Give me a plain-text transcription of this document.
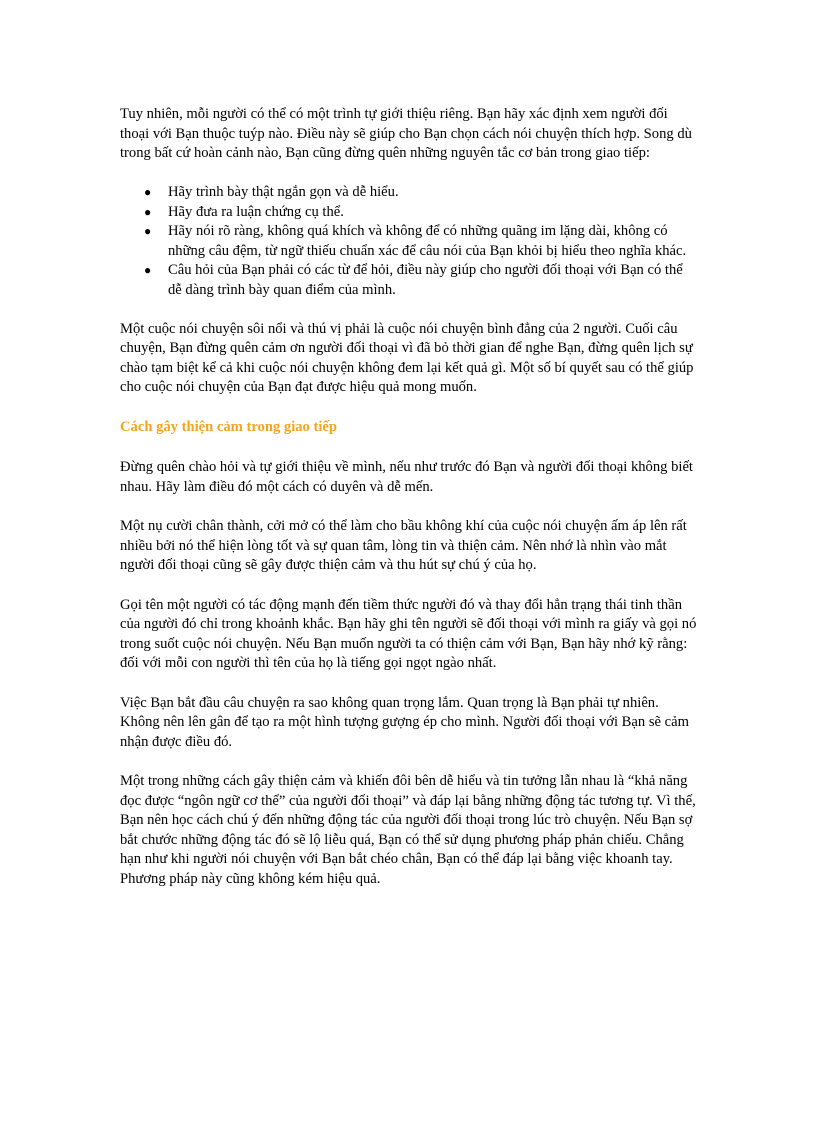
Tuy nhiên, mỗi người có thể có một trình tự giới thiệu riêng. Bạn hãy xác định xem người đối thoại với Bạn thuộc tuýp nào. Điều này sẽ giúp cho Bạn chọn cách nói chuyện thích hợp. Song dù trong bất cứ hoàn cảnh nào, Bạn cũng đừng quên những nguyên tắc cơ bản trong giao tiếp:

● Hãy trình bày thật ngắn gọn và dễ hiểu.
● Hãy đưa ra luận chứng cụ thể.
● Hãy nói rõ ràng, không quá khích và không để có những quãng im lặng dài, không có những câu đệm, từ ngữ thiếu chuẩn xác để câu nói của Bạn khỏi bị hiểu theo nghĩa khác.
● Câu hỏi của Bạn phải có các từ để hỏi, điều này giúp cho người đối thoại với Bạn có thể dễ dàng trình bày quan điểm của mình.

Một cuộc nói chuyện sôi nổi và thú vị phải là cuộc nói chuyện bình đẳng của 2 người. Cuối câu chuyện, Bạn đừng quên cảm ơn người đối thoại vì đã bỏ thời gian để nghe Bạn, đừng quên lịch sự chào tạm biệt kể cả khi cuộc nói chuyện không đem lại kết quả gì. Một số bí quyết sau có thể giúp cho cuộc nói chuyện của Bạn đạt được hiệu quả mong muốn.

Cách gây thiện cảm trong giao tiếp

Đừng quên chào hỏi và tự giới thiệu về mình, nếu như trước đó Bạn và người đối thoại không biết nhau. Hãy làm điều đó một cách có duyên và dễ mến.

Một nụ cười chân thành, cởi mở có thể làm cho bầu không khí của cuộc nói chuyện ấm áp lên rất nhiều bởi nó thể hiện lòng tốt và sự quan tâm, lòng tin và thiện cảm. Nên nhớ là nhìn vào mắt người đối thoại cũng sẽ gây được thiện cảm và thu hút sự chú ý của họ.

Gọi tên một người có tác động mạnh đến tiềm thức người đó và thay đổi hẳn trạng thái tinh thần của người đó chỉ trong khoảnh khắc. Bạn hãy ghi tên người sẽ đối thoại với mình ra giấy và gọi nó trong suốt cuộc nói chuyện. Nếu Bạn muốn người ta có thiện cảm với Bạn, Bạn hãy nhớ kỹ rằng: đối với mỗi con người thì tên của họ là tiếng gọi ngọt ngào nhất.

Việc Bạn bắt đầu câu chuyện ra sao không quan trọng lắm. Quan trọng là Bạn phải tự nhiên. Không nên lên gân để tạo ra một hình tượng gượng ép cho mình. Người đối thoại với Bạn sẽ cảm nhận được điều đó.

Một trong những cách gây thiện cảm và khiến đôi bên dễ hiểu và tin tưởng lẫn nhau là “khả năng đọc được “ngôn ngữ cơ thể” của người đối thoại” và đáp lại bằng những động tác tương tự. Vì thế, Bạn nên học cách chú ý đến những động tác của người đối thoại trong lúc trò chuyện. Nếu Bạn sợ bắt chước những động tác đó sẽ lộ liễu quá, Bạn có thể sử dụng phương pháp phản chiếu. Chẳng hạn như khi người nói chuyện với Bạn bắt chéo chân, Bạn có thể đáp lại bằng việc khoanh tay. Phương pháp này cũng không kém hiệu quả.
